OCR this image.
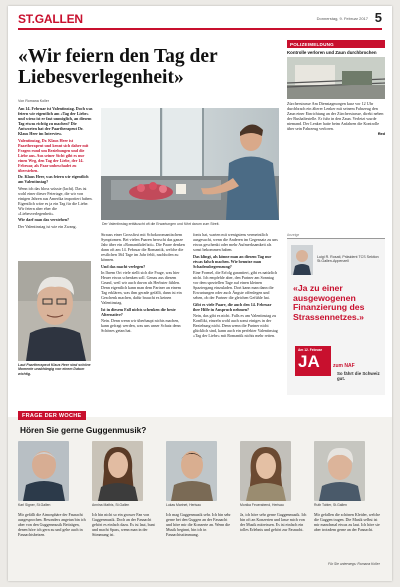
ST.GALLEN	Donnerstag, 9. Februar 2017 5
«Wir feiern den Tag der Liebesverlegenheit»
Von Romana Koller

Am 14. Februar ist Valentinstag. Doch was feiern wir eigentlich am «Tag der Liebe» und wieso ist er fast unmöglich, an diesem Tag etwas richtig zu machen? Die Antworten hat der Paartherapeut Dr. Klaus Heer im Interview.

Valentinstag, Dr. Klaus Heer ist Paartherapeut und kennt sich daher mit Fragen rund um Beziehungen und die Liebe aus. Aus seiner Sicht gibt es nur einen Weg, den Tag der Liebe, der 14. Februar, als Paar unbeschadet zu überstehen.

Dr. Klaus Heer, was feiern wir eigentlich am Valentinstag?

Wenn ich das bloss wüsste (lacht). Das ist wohl einer dieser Feiertage, die wir von einigen Jahren aus Amerika importiert haben. Eigentlich wäre es ja ein Tag für die Liebe. Wir feiern aber eher die «Liebesverlegenheit».

Wie darf man das verstehen?

Der Valentinstag ist wie ein Zwang.	Der Valentinstag enttäuscht oft die Erwartungen und führt darum zum Streit.
Laut Paartherapeut Klaus Heer sind schöne Momente unabhängig von einem Datum wichtig.

Strauss einer Grossfirst mit Schokoromantischem Symptomen. Bei vielen Paaren herrscht das ganze Jahr über ein «Romantikdefizit». Die Paare denken dann oft am 14. Februar die Romantik, welche die restlichen 364 Tage im Jahr fehlt, nachholen zu können.

Und das macht verlegen?

In Ihrem Ort viele stellt sich die Frage, was hier Heuer etwas schenken soll. Genau aus diesem Grund, weil wir auch davon als Herbster fühlen. Denn eigentlich kann man dem Partner an einem Tag erklären, was ihm gerade gefällt, dann ist ein Geschenk machen, dafür braucht es keinen Valentinstag.

Ist in diesem Fall nichts schenken die beste Alternative?

Nein. Denn wenn wir überhaupt nichts machen, kann gefragt werden, was uns unser Schatz denn Schönes getan hat.

fonts hat, warten mit wenigstens vermeintlich ausgesucht, wenn die Anderen im Gegensatz zu uns etwas geschenkt oder mehr Aufmerksamkeit als sonst bekommen haben.

Das klingt, als könne man an diesem Tag nur etwas falsch machen. Wie benutze man Schadensbegrenzung?

Eine Formel, die Erfolg garantiert, gibt es natürlich nicht. Ich empfehle aber, den Partner am Sonntag vor dem speziellen Tage auf einen kleinen Spaziergang einzuladen. Dort kann man dann die Erwartungen oder auch Ängste offenlegen und sehen, ob der Partner die gleichen Gefühle hat.

Gibt es viele Paare, die auch den 14. Februar ihre Hilfe in Anspruch nehmen?

Nein, das gibt es nicht. Falls es am Valentinstag zu Konflikt, einzeln wohl auch sonst einiges in der Beziehung nicht. Denn wenn die Partner nicht glücklich sind, kann auch ein perfekter Valentinstag «Tag der Liebe» mit Romantik nichts mehr retten.

POLIZEIMELDUNG
Kontrolle verloren und Zaun durchbrochen

Zürcherstrasse Am Dienstagmorgen kurz vor 12 Uhr durchbrach ein älterer Lenker mit seinem Fahrzeug den Zaun einer Einrichtung an der Zürcherstrasse, direkt neben der Bushaltestelle. Er fuhr in den Zaun. Verletzt wurde niemand. Der Lenker hatte beim Anfahren die Kontrolle über sein Fahrzeug verloren.

Red
Anzeige
Luigi R. Rosati, Präsident TCS Sektion St.Gallen-Appenzell

«Ja zu einer ausgewogenen Finanzierung des Strassennetzes.»

Am 12. Februar
JA	zum NAF
So fährt die Schweiz gut.
FRAGE DER WOCHE
Hören Sie gerne Guggenmusik?
Karl Signer, St.Gallen	Annina Mathis, St.Gallen	Lukas Marinet, Herisau	Monika Feuerabend, Herisau	Ruth Tobler, St.Gallen

Mir gefällt die Atmosphäre der Fasnacht ausgesprochen. Besonders angetan bin ich aber von den Guggenmusik Beiträgen, denen höre ich gern zu und gehe auch in Fasnachtsbeizen.

Ich bin nicht so ein grosser Fan von Guggenmusik. Doch an der Fasnacht gehört es einfach dazu. Es ist laut, bunt und macht Spass, wenn man in der Stimmung ist.

Ich mag Guggenmusik sehr. Ich bin sehr gerne bei den Guggen an der Fasnacht und höre mir die Konzerte an. Wenn die Musik beginnt, bin ich in Fasnachtsstimmung.

Ja, ich höre sehr gerne Guggenmusik. Ich bin oft an Konzerten und lasse mich von der Musik mitreissen. Es ist einfach ein tolles Erlebnis und gehört zur Fasnacht.

Mir gefallen die schönen Kleider, welche die Guggen tragen. Die Musik selbst ist mir manchmal etwas zu laut. Ich höre sie aber trotzdem gerne an der Fasnacht.

Für Sie unterwegs: Romana Koller
